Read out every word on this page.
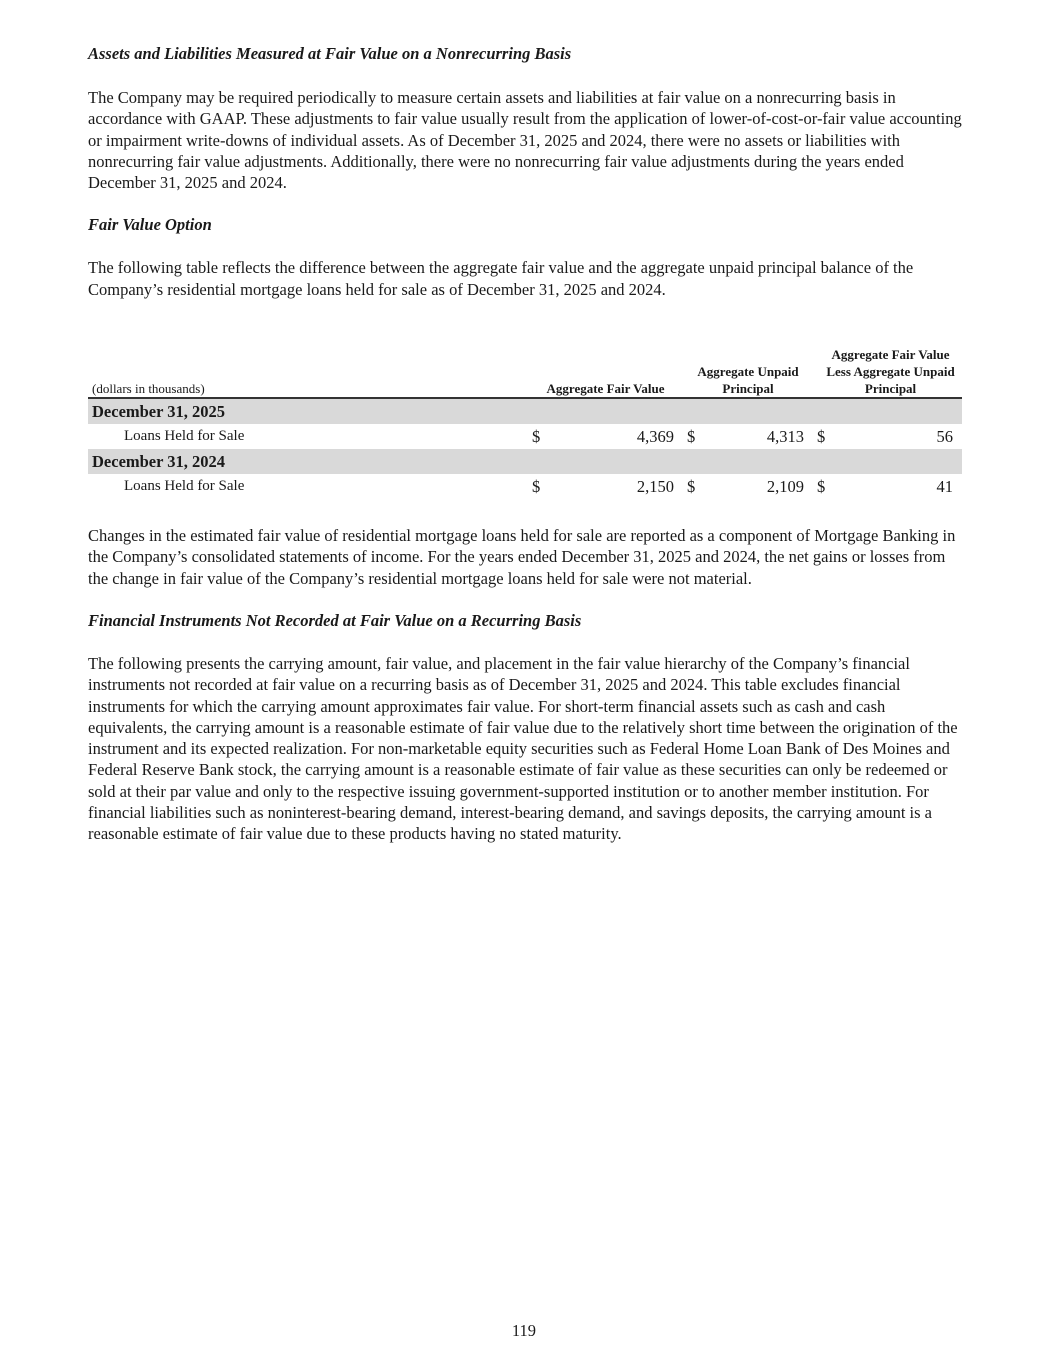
Assets and Liabilities Measured at Fair Value on a Nonrecurring Basis

The Company may be required periodically to measure certain assets and liabilities at fair value on a nonrecurring basis in accordance with GAAP. These adjustments to fair value usually result from the application of lower-of-cost-or-fair value accounting or impairment write-downs of individual assets. As of December 31, 2025 and 2024, there were no assets or liabilities with nonrecurring fair value adjustments. Additionally, there were no nonrecurring fair value adjustments during the years ended December 31, 2025 and 2024.

Fair Value Option

The following table reflects the difference between the aggregate fair value and the aggregate unpaid principal balance of the Company’s residential mortgage loans held for sale as of December 31, 2025 and 2024.

(dollars in thousands)	Aggregate Fair Value		Aggregate Unpaid Principal		Aggregate Fair Value Less Aggregate Unpaid Principal	
December 31, 2025						
Loans Held for Sale	$	4,369	$	4,313	$	56
December 31, 2024						
Loans Held for Sale	$	2,150	$	2,109	$	41

Changes in the estimated fair value of residential mortgage loans held for sale are reported as a component of Mortgage Banking in the Company’s consolidated statements of income. For the years ended December 31, 2025 and 2024, the net gains or losses from the change in fair value of the Company’s residential mortgage loans held for sale were not material.

Financial Instruments Not Recorded at Fair Value on a Recurring Basis

The following presents the carrying amount, fair value, and placement in the fair value hierarchy of the Company’s financial instruments not recorded at fair value on a recurring basis as of December 31, 2025 and 2024. This table excludes financial instruments for which the carrying amount approximates fair value. For short-term financial assets such as cash and cash equivalents, the carrying amount is a reasonable estimate of fair value due to the relatively short time between the origination of the instrument and its expected realization. For non-marketable equity securities such as Federal Home Loan Bank of Des Moines and Federal Reserve Bank stock, the carrying amount is a reasonable estimate of fair value as these securities can only be redeemed or sold at their par value and only to the respective issuing government-supported institution or to another member institution. For financial liabilities such as noninterest-bearing demand, interest-bearing demand, and savings deposits, the carrying amount is a reasonable estimate of fair value due to these products having no stated maturity.

119
